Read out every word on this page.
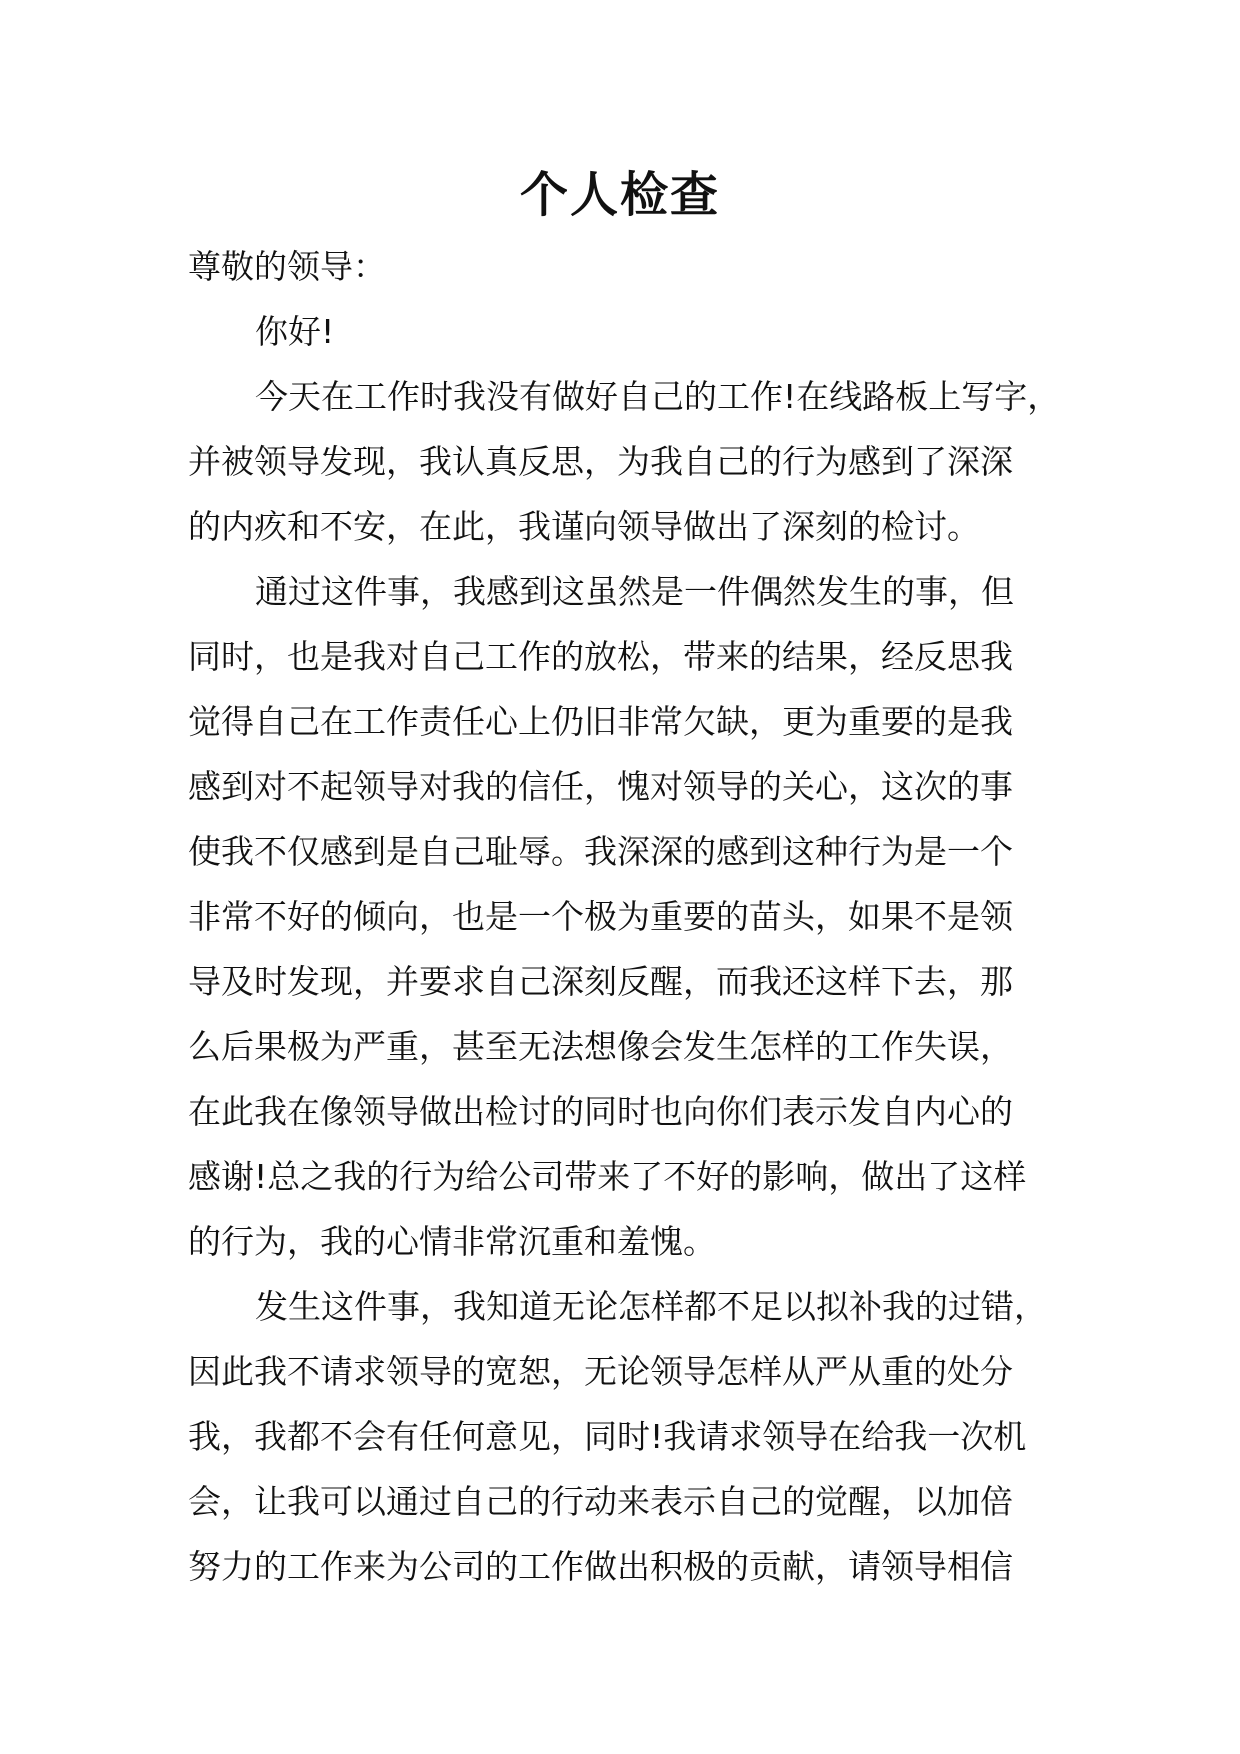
个人检查

尊敬的领导：

你好!

今天在工作时我没有做好自己的工作!在线路板上写字，

并被领导发现，我认真反思，为我自己的行为感到了深深

的内疚和不安，在此，我谨向领导做出了深刻的检讨。

通过这件事，我感到这虽然是一件偶然发生的事，但

同时，也是我对自己工作的放松，带来的结果，经反思我

觉得自己在工作责任心上仍旧非常欠缺，更为重要的是我

感到对不起领导对我的信任，愧对领导的关心，这次的事

使我不仅感到是自己耻辱。我深深的感到这种行为是一个

非常不好的倾向，也是一个极为重要的苗头，如果不是领

导及时发现，并要求自己深刻反醒，而我还这样下去，那

么后果极为严重，甚至无法想像会发生怎样的工作失误，

在此我在像领导做出检讨的同时也向你们表示发自内心的

感谢!总之我的行为给公司带来了不好的影响，做出了这样

的行为，我的心情非常沉重和羞愧。

发生这件事，我知道无论怎样都不足以拟补我的过错，

因此我不请求领导的宽恕，无论领导怎样从严从重的处分

我，我都不会有任何意见，同时!我请求领导在给我一次机

会，让我可以通过自己的行动来表示自己的觉醒，以加倍

努力的工作来为公司的工作做出积极的贡献，请领导相信
